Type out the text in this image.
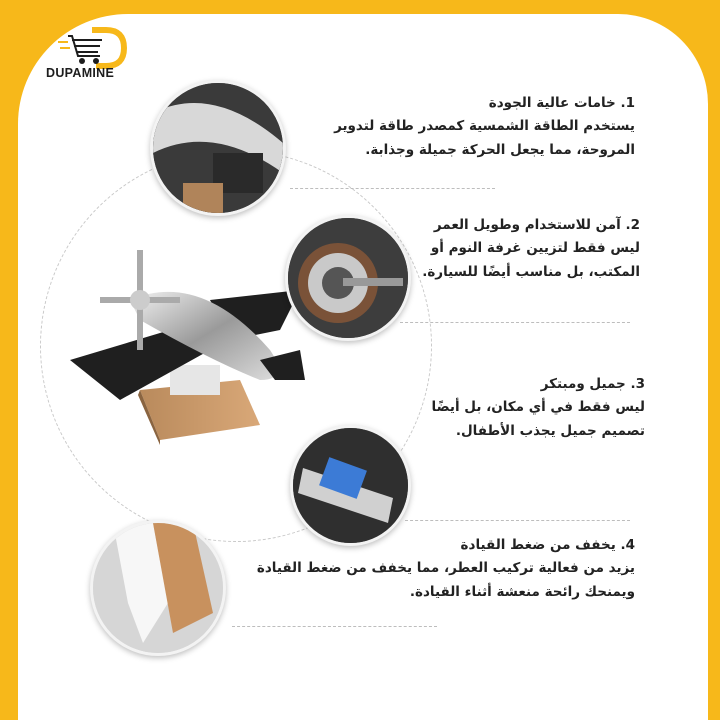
DUPAMINE
1. خامات عالية الجودة
يستخدم الطاقة الشمسية كمصدر طاقة لتدوير المروحة، مما يجعل الحركة جميلة وجذابة.
2. آمن للاستخدام وطويل العمر
ليس فقط لتزيين غرفة النوم أو المكتب، بل مناسب أيضًا للسيارة.
3. جميل ومبتكر
ليس فقط في أي مكان، بل أيضًا تصميم جميل يجذب الأطفال.
4. يخفف من ضغط القيادة
يزيد من فعالية تركيب العطر، مما يخفف من ضغط القيادة ويمنحك رائحة منعشة أثناء القيادة.
